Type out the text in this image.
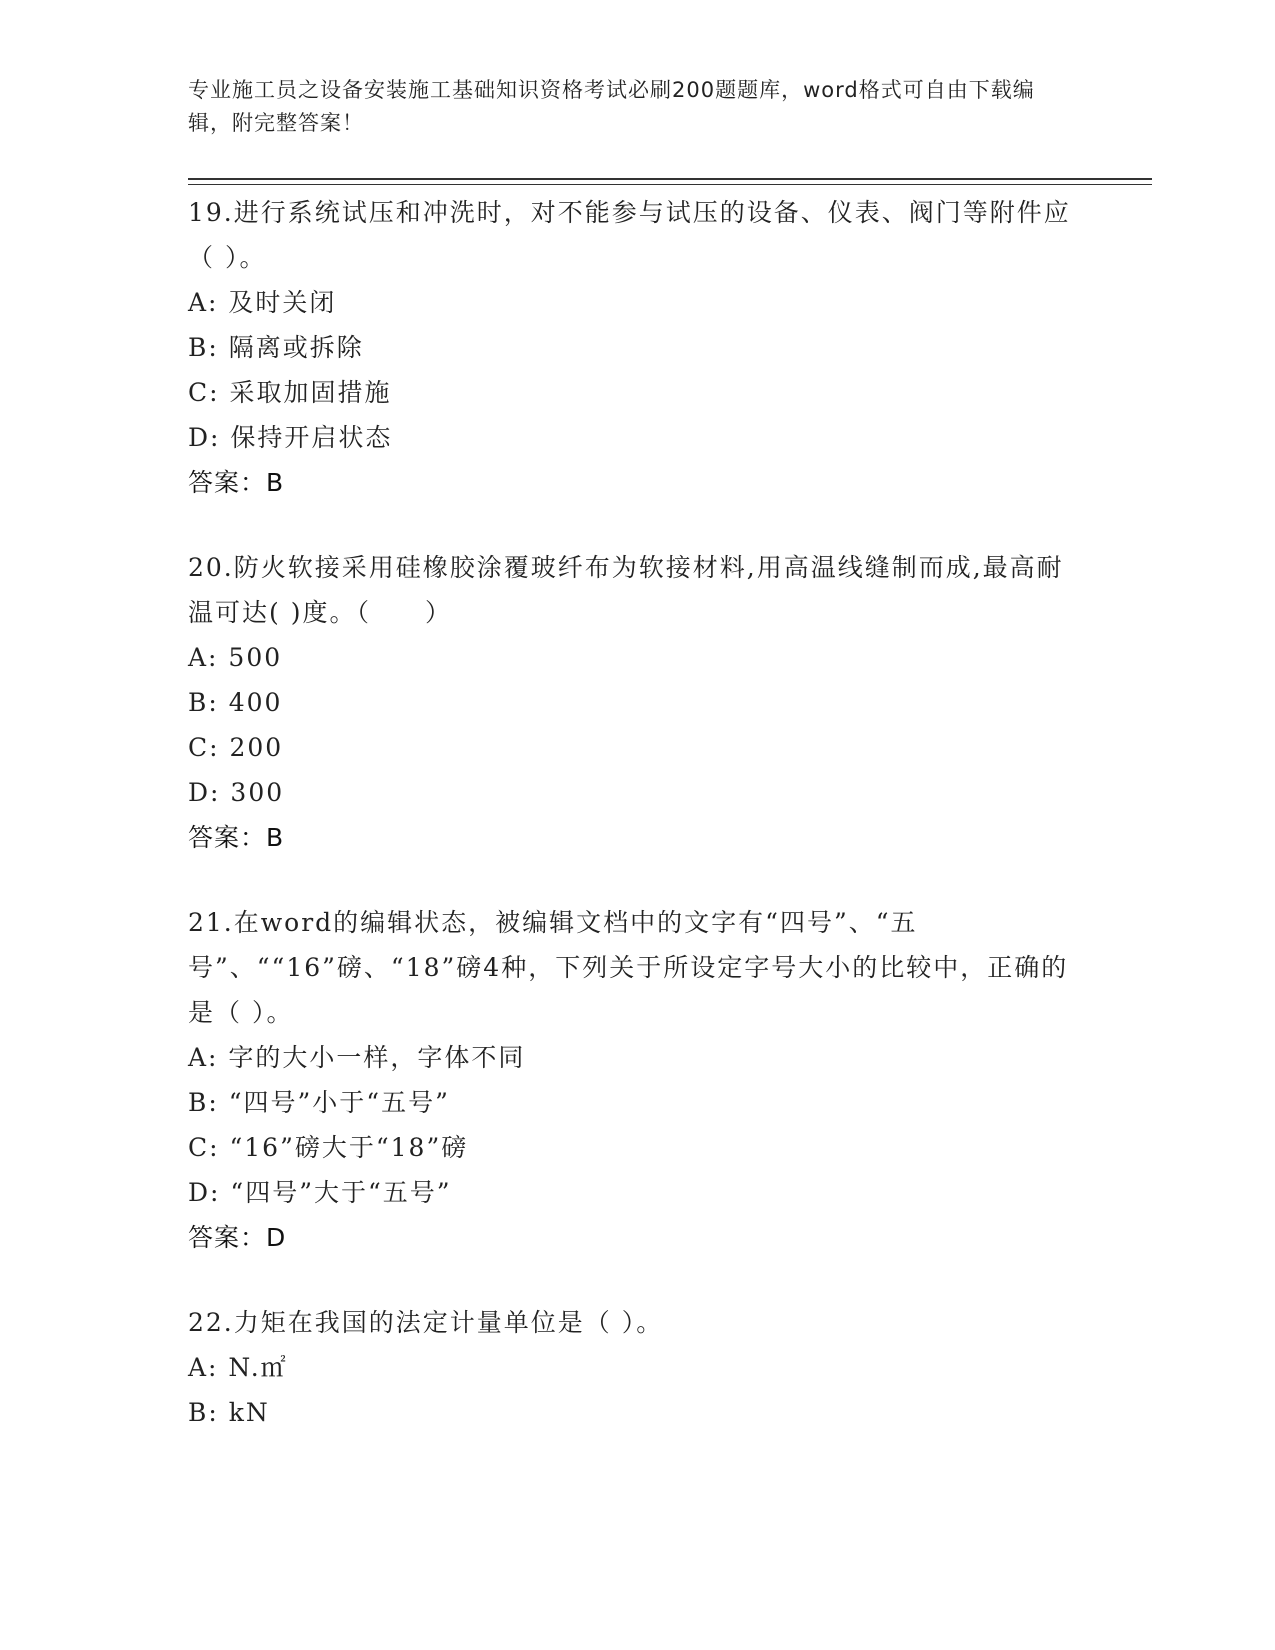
专业施工员之设备安装施工基础知识资格考试必刷200题题库，word格式可自由下载编辑，附完整答案！
19.进行系统试压和冲洗时，对不能参与试压的设备、仪表、阀门等附件应（ ）。
A: 及时关闭
B: 隔离或拆除
C: 采取加固措施
D: 保持开启状态
答案：B
20.防火软接采用硅橡胶涂覆玻纤布为软接材料,用高温线缝制而成,最高耐温可达( )度。（　　）
A: 500
B: 400
C: 200
D: 300
答案：B
21.在word的编辑状态，被编辑文档中的文字有“四号”、“五号”、““16”磅、“18”磅4种，下列关于所设定字号大小的比较中，正确的是（ ）。
A: 字的大小一样，字体不同
B: “四号”小于“五号”
C: “16”磅大于“18”磅
D: “四号”大于“五号”
答案：D
22.力矩在我国的法定计量单位是（ ）。
A: N.㎡
B: kN
